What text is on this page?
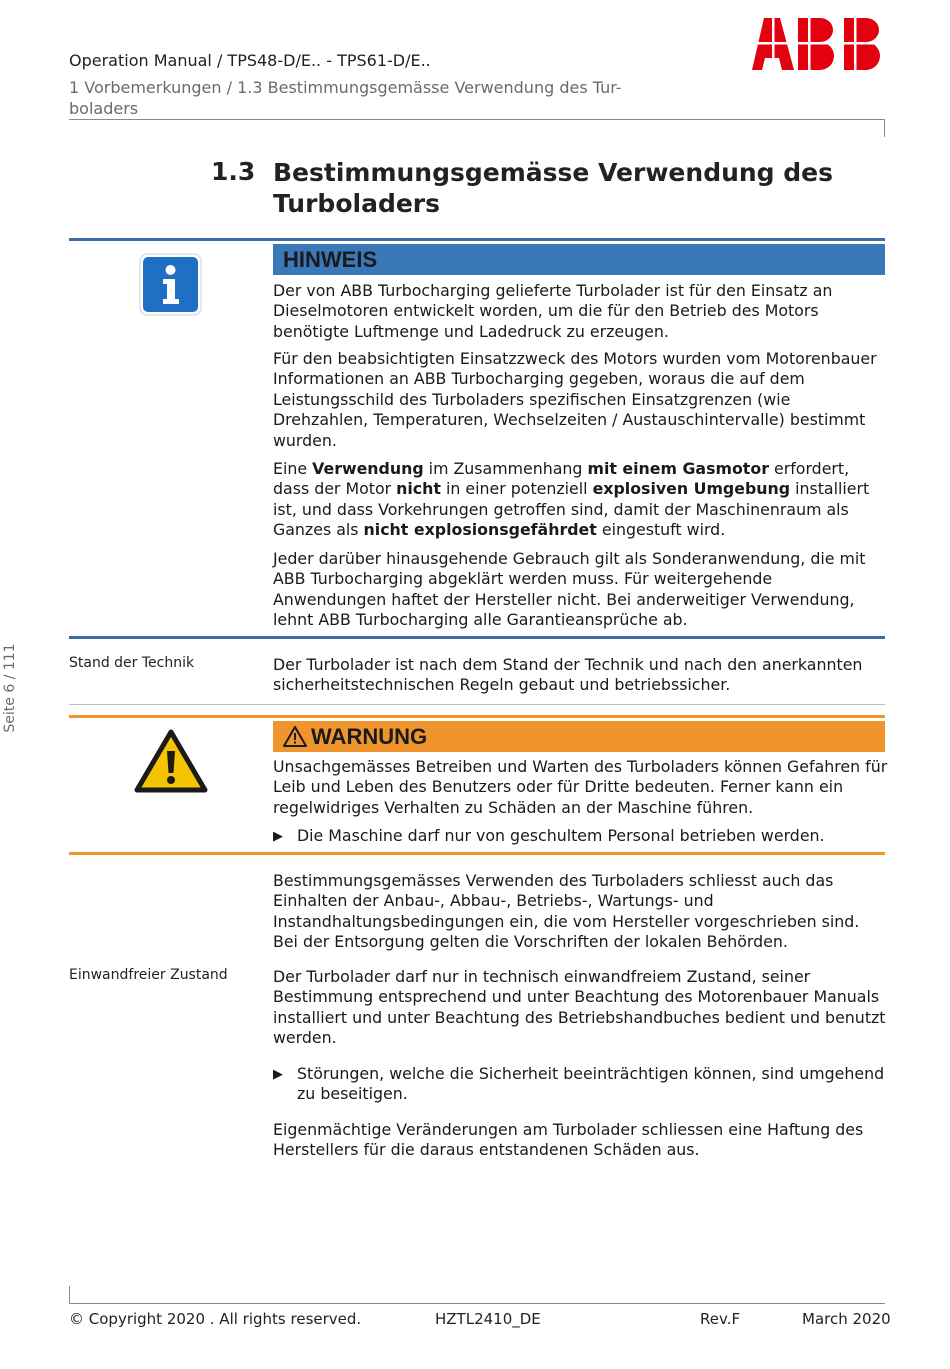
Operation Manual / TPS48-D/E.. - TPS61-D/E..
1 Vorbemerkungen / 1.3 Bestimmungsgemässe Verwendung des Tur-
boladers
1.3 Bestimmungsgemässe Verwendung des
Turboladers
HINWEIS
Der von ABB Turbocharging gelieferte Turbolader ist für den Einsatz an Dieselmotoren entwickelt worden, um die für den Betrieb des Motors benötigte Luftmenge und Ladedruck zu erzeugen.
Für den beabsichtigten Einsatzzweck des Motors wurden vom Motorenbauer Informationen an ABB Turbocharging gegeben, woraus die auf dem Leistungsschild des Turboladers spezifischen Einsatzgrenzen (wie Drehzahlen, Temperaturen, Wechselzeiten / Austauschintervalle) bestimmt wurden.
Eine Verwendung im Zusammenhang mit einem Gasmotor erfordert, dass der Motor nicht in einer potenziell explosiven Umgebung installiert ist, und dass Vorkehrungen getroffen sind, damit der Maschinenraum als Ganzes als nicht explosionsgefährdet eingestuft wird.
Jeder darüber hinausgehende Gebrauch gilt als Sonderanwendung, die mit ABB Turbocharging abgeklärt werden muss. Für weitergehende Anwendungen haftet der Hersteller nicht. Bei anderweitiger Verwendung, lehnt ABB Turbocharging alle Garantieansprüche ab.
Stand der Technik	Der Turbolader ist nach dem Stand der Technik und nach den anerkannten sicherheitstechnischen Regeln gebaut und betriebssicher.
WARNUNG
Unsachgemässes Betreiben und Warten des Turboladers können Gefahren für Leib und Leben des Benutzers oder für Dritte bedeuten. Ferner kann ein regelwidriges Verhalten zu Schäden an der Maschine führen.
▶ Die Maschine darf nur von geschultem Personal betrieben werden.
Bestimmungsgemässes Verwenden des Turboladers schliesst auch das Einhalten der Anbau-, Abbau-, Betriebs-, Wartungs- und Instandhaltungsbedingungen ein, die vom Hersteller vorgeschrieben sind. Bei der Entsorgung gelten die Vorschriften der lokalen Behörden.
Einwandfreier Zustand	Der Turbolader darf nur in technisch einwandfreiem Zustand, seiner Bestimmung entsprechend und unter Beachtung des Motorenbauer Manuals installiert und unter Beachtung des Betriebshandbuches bedient und benutzt werden.
▶ Störungen, welche die Sicherheit beeinträchtigen können, sind umgehend zu beseitigen.
Eigenmächtige Veränderungen am Turbolader schliessen eine Haftung des Herstellers für die daraus entstandenen Schäden aus.
Seite 6 / 111
© Copyright 2020 . All rights reserved.	HZTL2410_DE	Rev.F	March 2020
